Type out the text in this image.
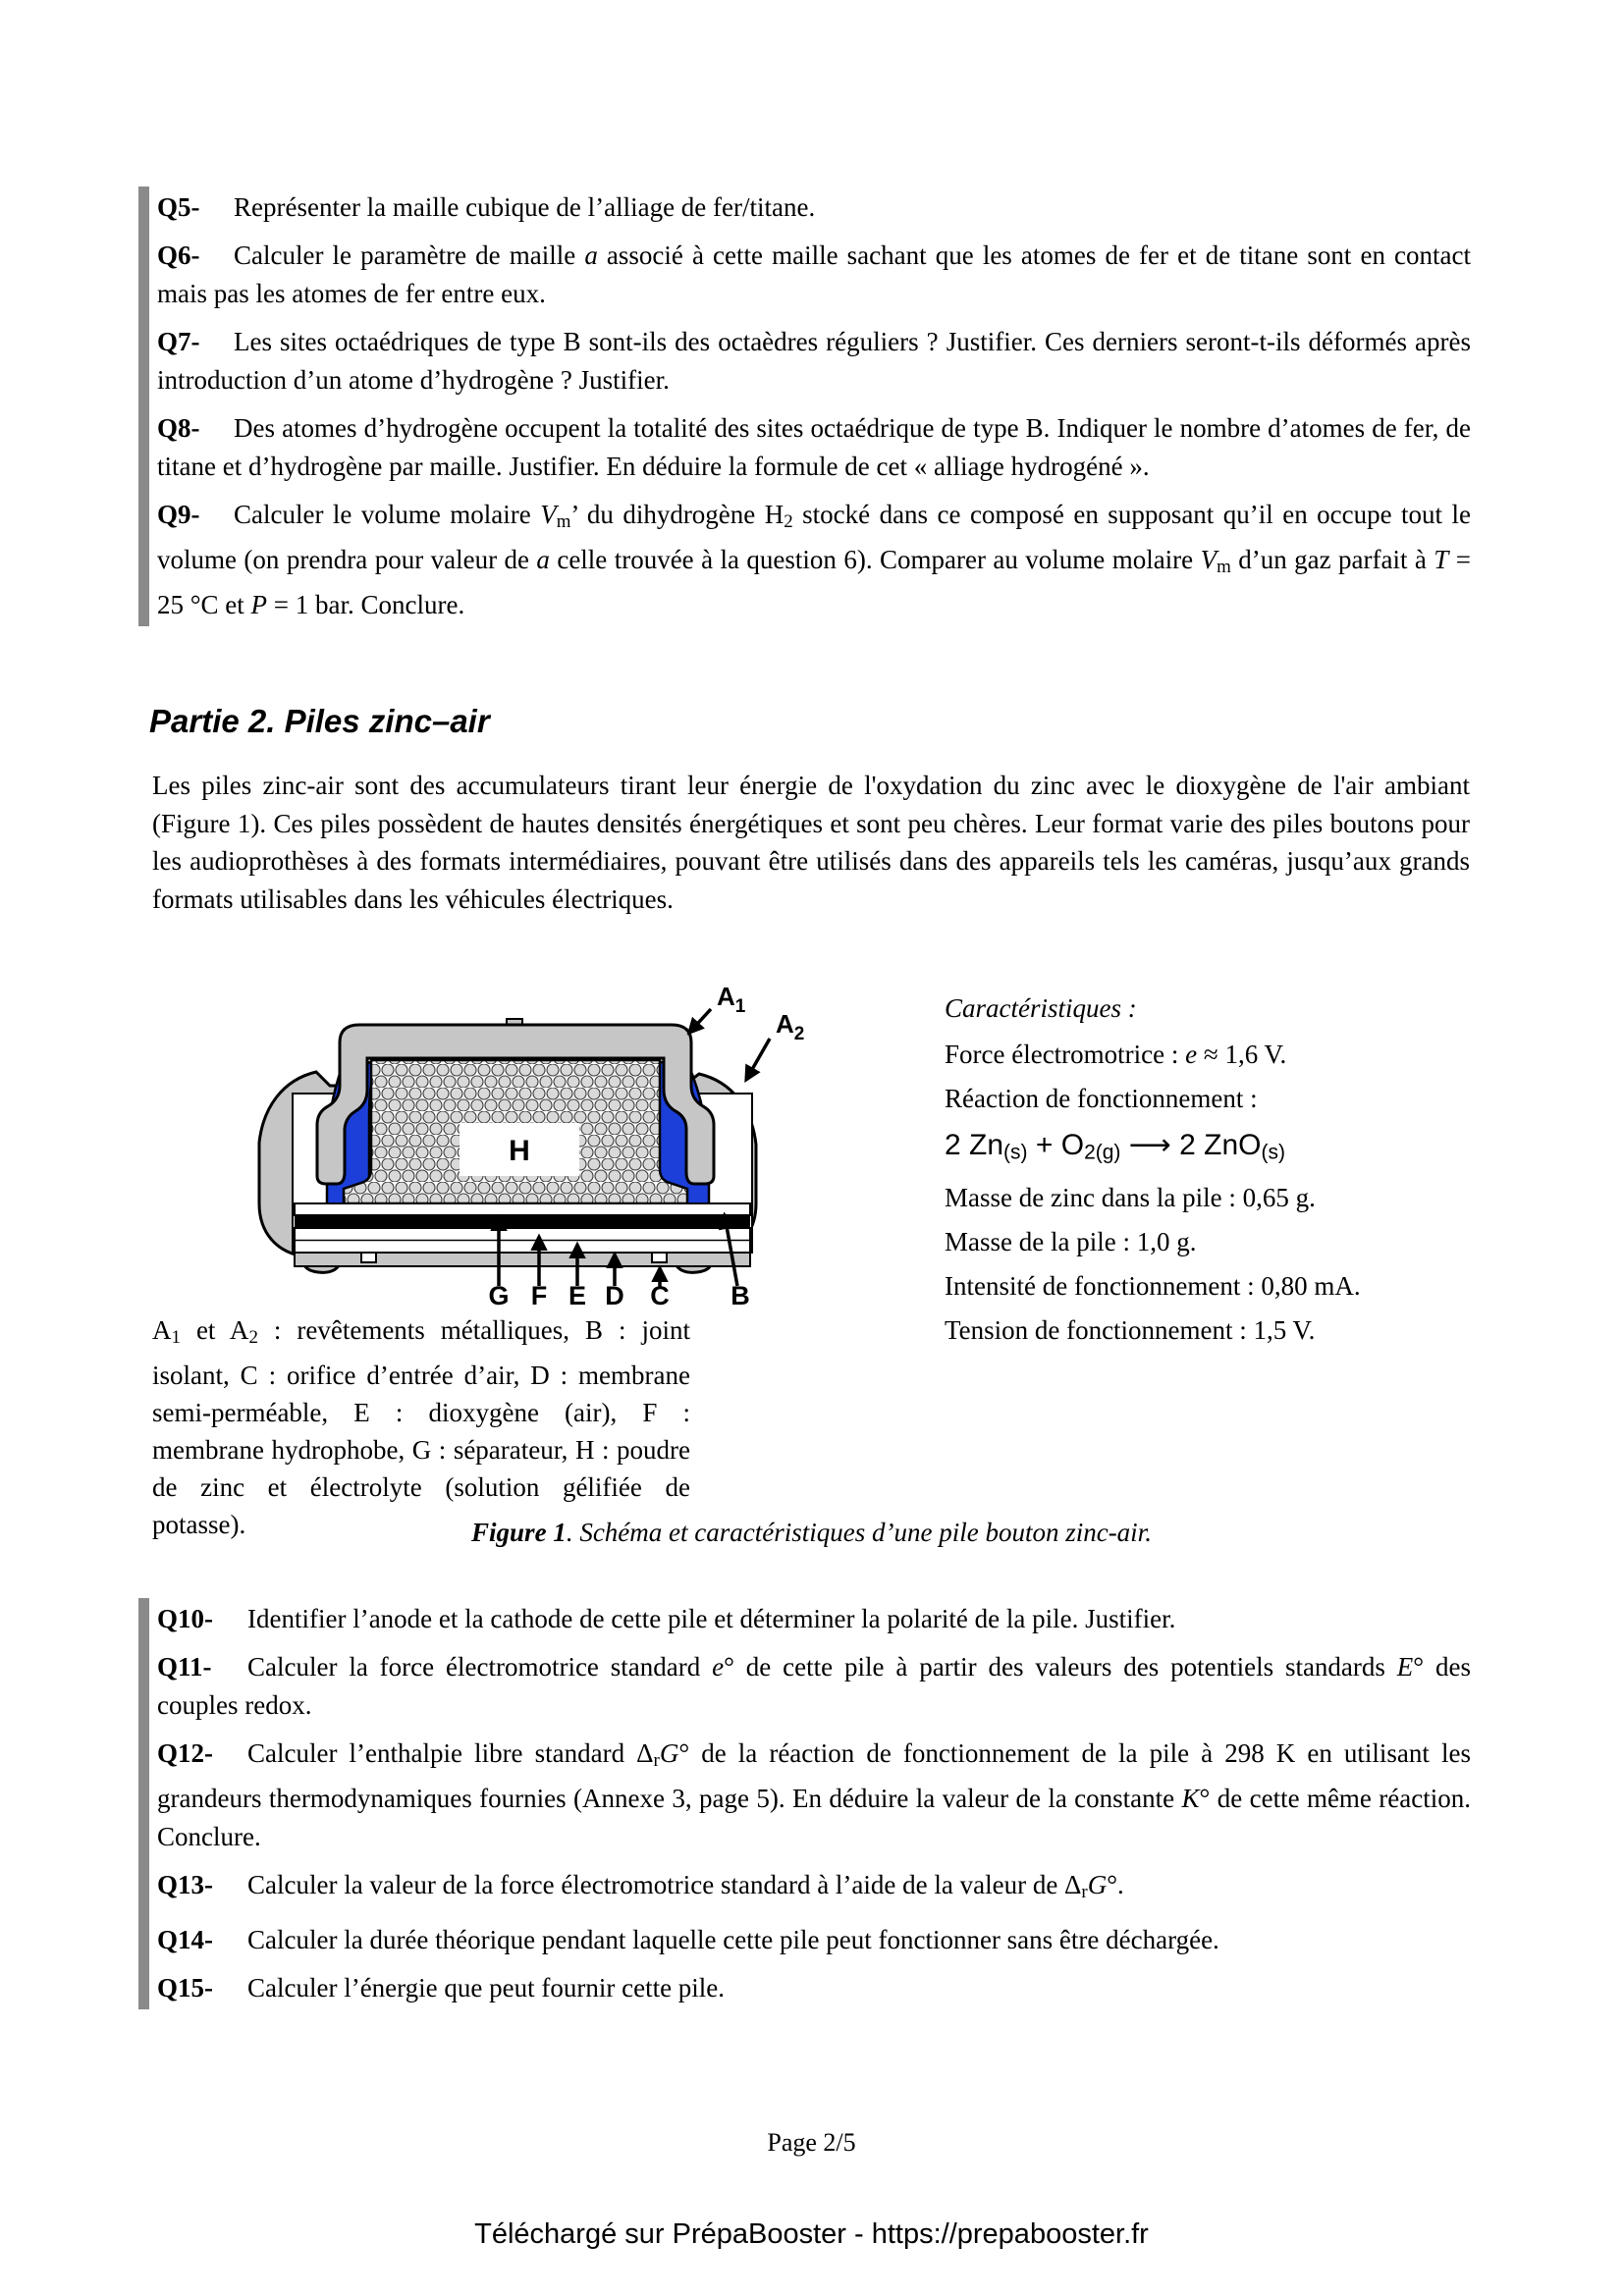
Q5- Représenter la maille cubique de l’alliage de fer/titane.

Q6- Calculer le paramètre de maille a associé à cette maille sachant que les atomes de fer et de titane sont en contact mais pas les atomes de fer entre eux.

Q7- Les sites octaédriques de type B sont-ils des octaèdres réguliers ? Justifier. Ces derniers seront-t-ils déformés après introduction d’un atome d’hydrogène ? Justifier.

Q8- Des atomes d’hydrogène occupent la totalité des sites octaédrique de type B. Indiquer le nombre d’atomes de fer, de titane et d’hydrogène par maille. Justifier. En déduire la formule de cet « alliage hydrogéné ».

Q9- Calculer le volume molaire Vm’ du dihydrogène H2 stocké dans ce composé en supposant qu’il en occupe tout le volume (on prendra pour valeur de a celle trouvée à la question 6). Comparer au volume molaire Vm d’un gaz parfait à T = 25 °C et P = 1 bar. Conclure.

Partie 2. Piles zinc–air
Les piles zinc-air sont des accumulateurs tirant leur énergie de l'oxydation du zinc avec le dioxygène de l'air ambiant (Figure 1). Ces piles possèdent de hautes densités énergétiques et sont peu chères. Leur format varie des piles boutons pour les audioprothèses à des formats intermédiaires, pouvant être utilisés dans des appareils tels les caméras, jusqu’aux grands formats utilisables dans les véhicules électriques.
H
G F E D C B
$A_1$
$A_2$
Caractéristiques :
Force électromotrice : e ≈ 1,6 V.
Réaction de fonctionnement :
2 Zn(s) + O2(g) ⟶ 2 ZnO(s)
Masse de zinc dans la pile : 0,65 g.
Masse de la pile : 1,0 g.
Intensité de fonctionnement : 0,80 mA.
Tension de fonctionnement : 1,5 V.
A1 et A2 : revêtements métalliques, B : joint isolant, C : orifice d’entrée d’air, D : membrane semi-perméable, E : dioxygène (air), F : membrane hydrophobe, G : séparateur, H : poudre de zinc et électrolyte (solution gélifiée de potasse).	Figure 1. Schéma et caractéristiques d’une pile bouton zinc-air.

Q10- Identifier l’anode et la cathode de cette pile et déterminer la polarité de la pile. Justifier.

Q11- Calculer la force électromotrice standard e° de cette pile à partir des valeurs des potentiels standards E° des couples redox.

Q12- Calculer l’enthalpie libre standard ΔrG° de la réaction de fonctionnement de la pile à 298 K en utilisant les grandeurs thermodynamiques fournies (Annexe 3, page 5). En déduire la valeur de la constante K° de cette même réaction. Conclure.

Q13- Calculer la valeur de la force électromotrice standard à l’aide de la valeur de ΔrG°.

Q14- Calculer la durée théorique pendant laquelle cette pile peut fonctionner sans être déchargée.

Q15- Calculer l’énergie que peut fournir cette pile.

Page 2/5
Téléchargé sur PrépaBooster - https://prepabooster.fr
